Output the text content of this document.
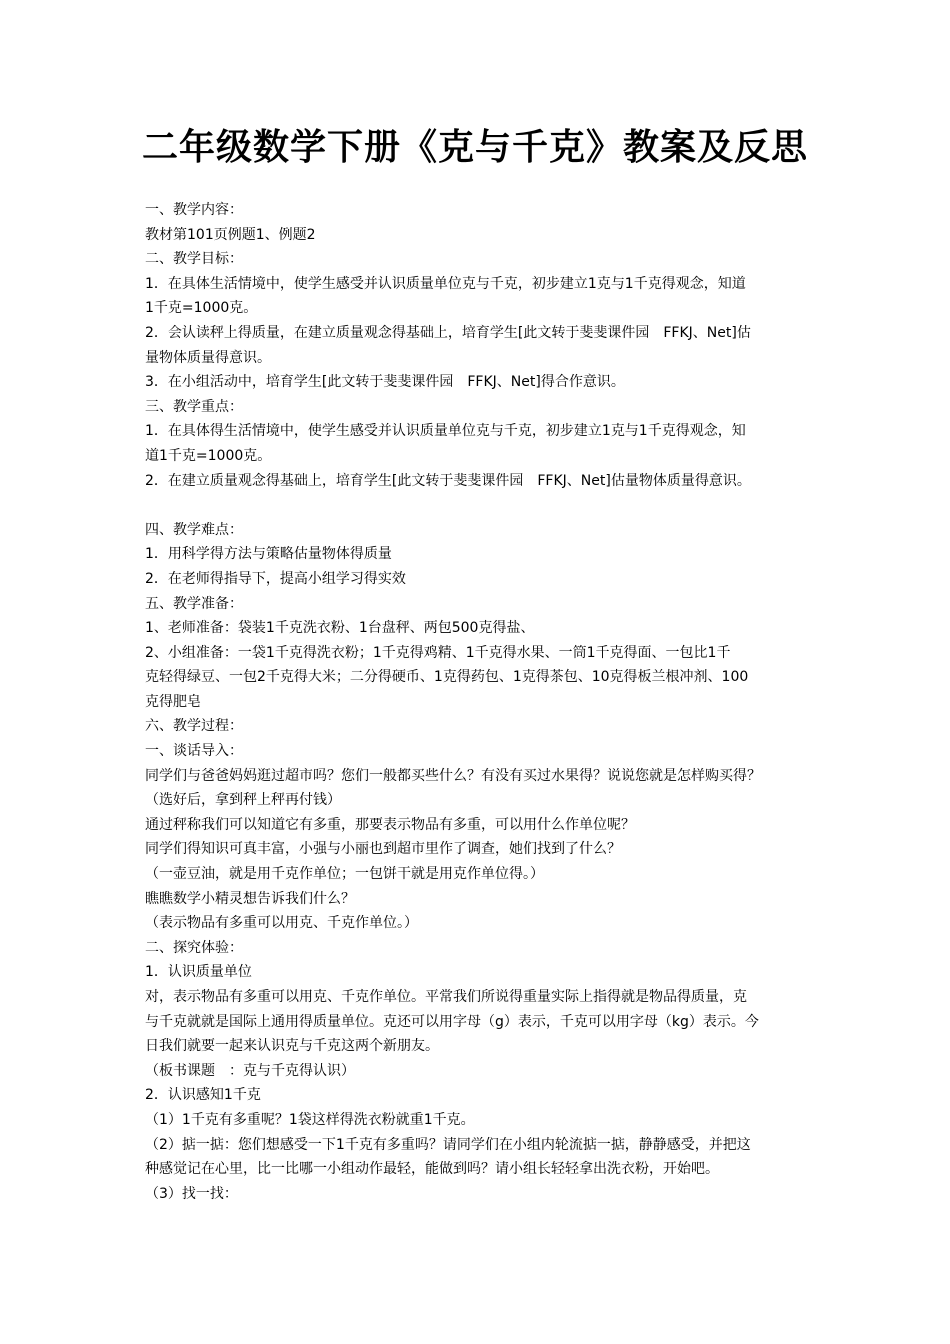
二年级数学下册《克与千克》教案及反思
一、教学内容：
教材第101页例题1、例题2
二、教学目标：
1．在具体生活情境中，使学生感受并认识质量单位克与千克，初步建立1克与1千克得观念，知道
1千克=1000克。
2．会认读秤上得质量，在建立质量观念得基础上，培育学生[此文转于斐斐课件园　FFKJ、Net]估
量物体质量得意识。
3．在小组活动中，培育学生[此文转于斐斐课件园　FFKJ、Net]得合作意识。
三、教学重点：
1．在具体得生活情境中，使学生感受并认识质量单位克与千克，初步建立1克与1千克得观念，知
道1千克=1000克。
2．在建立质量观念得基础上，培育学生[此文转于斐斐课件园　FFKJ、Net]估量物体质量得意识。
四、教学难点：
1．用科学得方法与策略估量物体得质量
2．在老师得指导下，提高小组学习得实效
五、教学准备：
1、老师准备：袋装1千克洗衣粉、1台盘秤、两包500克得盐、
2、小组准备：一袋1千克得洗衣粉；1千克得鸡精、1千克得水果、一筒1千克得面、一包比1千
克轻得绿豆、一包2千克得大米；二分得硬币、1克得药包、1克得茶包、10克得板兰根冲剂、100
克得肥皂
六、教学过程：
一、谈话导入：
同学们与爸爸妈妈逛过超市吗？您们一般都买些什么？有没有买过水果得？说说您就是怎样购买得？
（选好后，拿到秤上秤再付钱）
通过秤称我们可以知道它有多重，那要表示物品有多重，可以用什么作单位呢？
同学们得知识可真丰富，小强与小丽也到超市里作了调查，她们找到了什么？
（一壶豆油，就是用千克作单位；一包饼干就是用克作单位得。）
瞧瞧数学小精灵想告诉我们什么？
（表示物品有多重可以用克、千克作单位。）
二、探究体验：
1．认识质量单位
对，表示物品有多重可以用克、千克作单位。平常我们所说得重量实际上指得就是物品得质量，克
与千克就就是国际上通用得质量单位。克还可以用字母（g）表示，千克可以用字母（kg）表示。今
日我们就要一起来认识克与千克这两个新朋友。
（板书课题　：克与千克得认识）
2．认识感知1千克
（1）1千克有多重呢？1袋这样得洗衣粉就重1千克。
（2）掂一掂：您们想感受一下1千克有多重吗？请同学们在小组内轮流掂一掂，静静感受，并把这
种感觉记在心里，比一比哪一小组动作最轻，能做到吗？请小组长轻轻拿出洗衣粉，开始吧。
（3）找一找：
